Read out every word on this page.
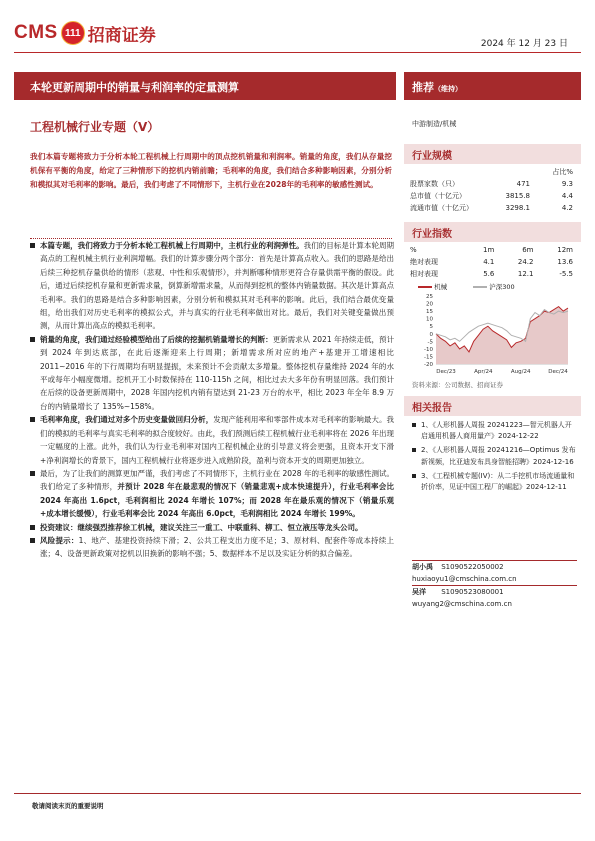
CMS 111 招商证券	2024 年 12 月 23 日
本轮更新周期中的销量与利润率的定量测算	推荐（维持）
工程机械行业专题（V）	中游制造/机械

我们本篇专题将致力于分析本轮工程机械上行周期中的顶点挖机销量和利润率。销量的角度，我们从存量挖机保有平衡的角度，给定了三种情形下的挖机内销前瞻；毛利率的角度，我们结合多种影响因素，分别分析和模拟其对毛利率的影响。最后，我们考虑了不同情形下，主机行业在2028年的毛利率的敏感性测试。

本篇专题，我们将致力于分析本轮工程机械上行周期中，主机行业的利润弹性。我们的目标是计算本轮周期高点的工程机械主机行业利润增幅。我们的计算步骤分两个部分：首先是计算高点收入。我们的思路是给出后续三种挖机存量供给的情形（悲观、中性和乐观情形），并判断哪种情形更符合存量供需平衡的假设。此后，通过后续挖机存量和更新需求量，倒算新增需求量，从而得到挖机的整体内销量数据。其次是计算高点毛利率。我们的思路是结合多种影响因素，分别分析和模拟其对毛利率的影响。此后，我们结合最优变量组，给出我们对历史毛利率的模拟公式，并与真实的行业毛利率做出对比。最后，我们对关键变量做出预测，从而计算出高点的模拟毛利率。
销量的角度，我们通过经验模型给出了后续的挖掘机销量增长的判断：更新需求从 2021 年持续走低，预计到 2024 年到达底部，在此后逐渐迎来上行周期；新增需求所对应的地产+基建开工增速相比 2011~2016 年的下行周期均有明显提振，未来预计不会贡献太多增量。整体挖机存量维持 2024 年的水平或每年小幅度微增。挖机开工小时数保持在 110-115h 之间，相比过去大多年份有明显回落。我们预计在后续的设备更新周期中，2028 年国内挖机内销有望达到 21-23 万台的水平，相比 2023 年全年 8.9 万台的内销量增长了 135%~158%。
毛利率角度，我们通过对多个历史变量做回归分析，发现产能利用率和零部件成本对毛利率的影响最大。我们的模拟的毛利率与真实毛利率的拟合度较好。由此，我们预测后续工程机械行业毛利率将在 2026 年出现一定幅度的上涨。此外，我们认为行业毛利率对国内工程机械企业的引导意义将会更强，且资本开支下滑+净利润增长的背景下，国内工程机械行业将逐步进入成熟阶段，盈利与资本开支的周期更加独立。
最后，为了让我们的测算更加严谨，我们考虑了不同情形下，主机行业在 2028 年的毛利率的敏感性测试。我们给定了多种情形，并预计 2028 年在最悲观的情况下（销量悲观+成本快速提升），行业毛利率会比 2024 年高出 1.6pct，毛利润相比 2024 年增长 107%；而 2028 年在最乐观的情况下（销量乐观+成本增长缓慢），行业毛利率会比 2024 年高出 6.0pct，毛利润相比 2024 年增长 199%。
投资建议：继续强烈推荐徐工机械，建议关注三一重工、中联重科、柳工、恒立液压等龙头公司。
风险提示：1、地产、基建投资持续下滑；2、公共工程支出力度不足；3、原材料、配套件等成本持续上涨；4、设备更新政策对挖机以旧换新的影响不强；5、数据样本不足以及实证分析的拟合偏差。
行业规模
		占比%
股票家数（只）	471	9.3
总市值（十亿元）	3815.8	4.4
流通市值（十亿元）	3298.1	4.2
行业指数
%	1m	6m	12m
绝对表现	4.1	24.2	13.6
相对表现	5.6	12.1	-5.5
机械	沪深300
25
20
15
10
5
0
-5
-10
-15
-20
Dec/23	Apr/24	Aug/24	Dec/24
资料来源：公司数据、招商证券
相关报告
1、《人形机器人周报 20241223—智元机器人开启通用机器人商用量产》2024-12-22
2、《人形机器人周报 20241216—Optimus 发布新视频，比亚迪发布具身智能招聘》2024-12-16
3、《工程机械专题(IV)：从二手挖机市场流通量和折价率，见证中国工程厂的崛起》2024-12-11
胡小禹 S1090522050002
huxiaoyu1@cmschina.com.cn
吴洋 S1090523080001
wuyang2@cmschina.com.cn
敬请阅读末页的重要说明
